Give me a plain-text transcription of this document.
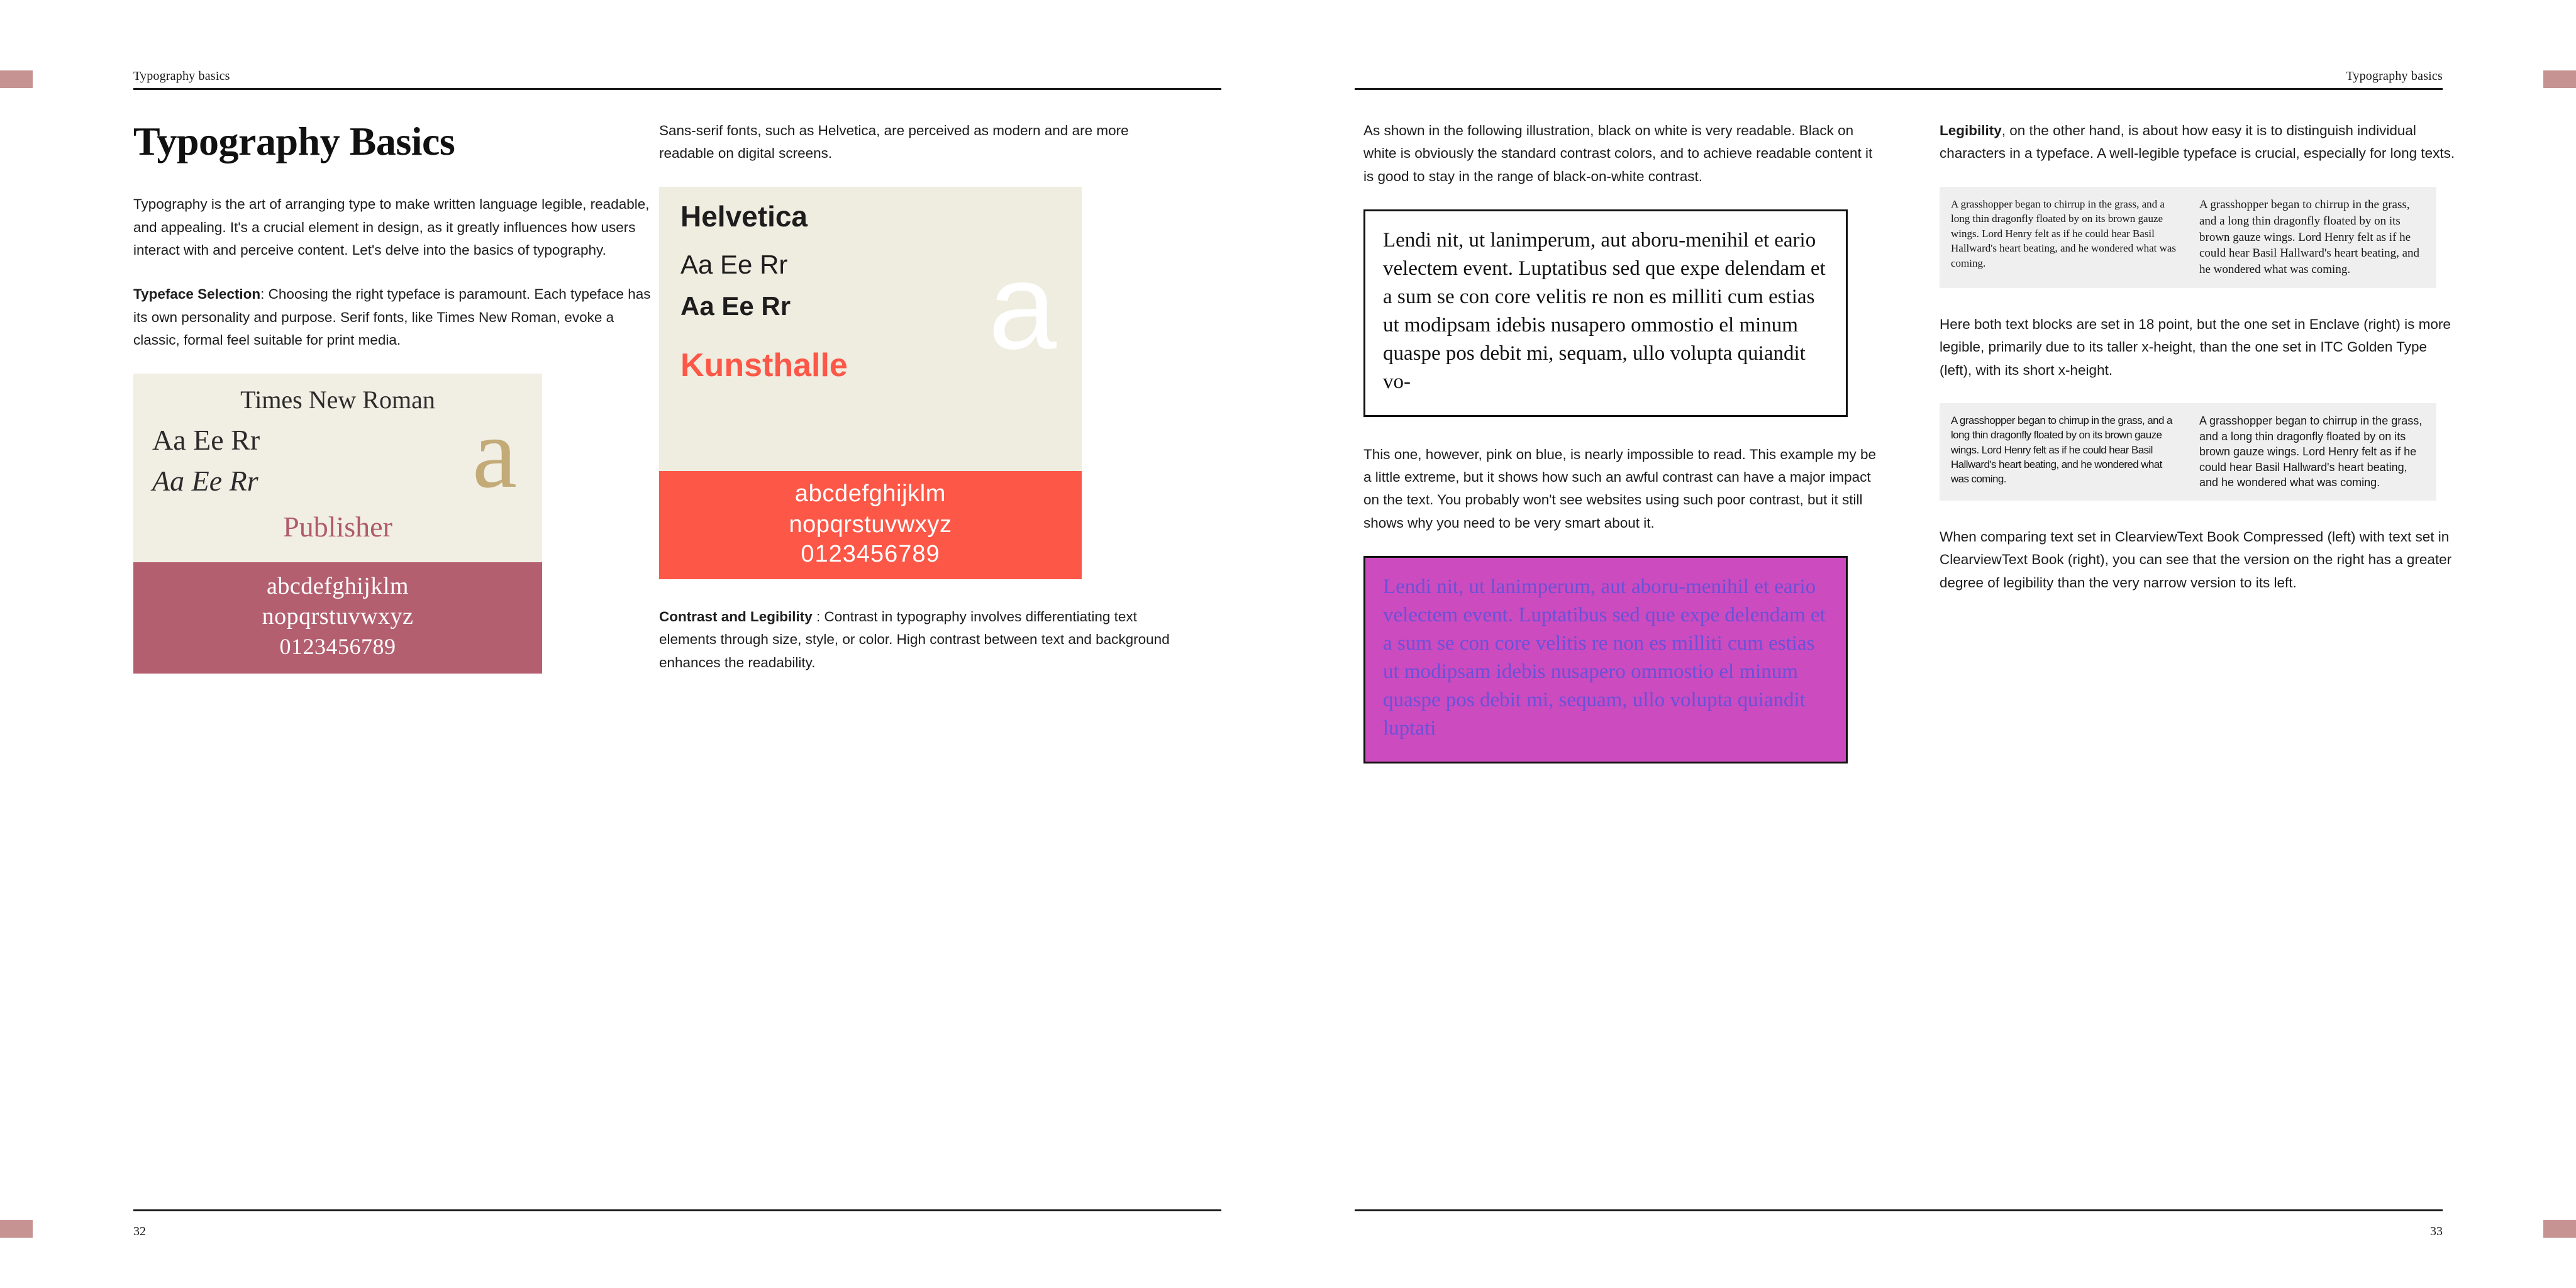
Typography basics	Typography basics
32	33
Typography Basics

Typography is the art of arranging type to make written language legible, readable, and appealing. It's a crucial element in design, as it greatly influences how users interact with and perceive content. Let's delve into the basics of typography.

Typeface Selection: Choosing the right typeface is paramount. Each typeface has its own personality and purpose. Serif fonts, like Times New Roman, evoke a classic, formal feel suitable for print media.

Times New Roman a
Aa Ee Rr
Aa Ee Rr
Publisher
abcdefghijklm
nopqrstuvwxyz
0123456789

Sans-serif fonts, such as Helvetica, are perceived as modern and are more readable on digital screens.

Helvetica
a
Aa Ee Rr
Aa Ee Rr
Kunsthalle
abcdefghijklm
nopqrstuvwxyz
0123456789

Contrast and Legibility : Contrast in typography involves differentiating text elements through size, style, or color. High contrast between text and background enhances the readability.

As shown in the following illustration, black on white is very readable. Black on white is obviously the standard contrast colors, and to achieve readable content it is good to stay in the range of black-on-white contrast.

Lendi nit, ut lanimperum, aut aboru-menihil et eario velectem event. Luptatibus sed que expe delendam et a sum se con core velitis re non es milliti cum estias ut modipsam idebis nusapero ommostio el minum quaspe pos debit mi, sequam, ullo volupta quiandit vo-

This one, however, pink on blue, is nearly impossible to read. This example my be a little extreme, but it shows how such an awful contrast can have a major impact on the text. You probably won't see websites using such poor contrast, but it still shows why you need to be very smart about it.

Lendi nit, ut lanimperum, aut aboru-menihil et eario velectem event. Luptatibus sed que expe delendam et a sum se con core velitis re non es milliti cum estias ut modipsam idebis nusapero ommostio el minum quaspe pos debit mi, sequam, ullo volupta quiandit luptati

Legibility, on the other hand, is about how easy it is to distinguish individual characters in a typeface. A well-legible typeface is crucial, especially for long texts.

A grasshopper began to chirrup in the grass, and a long thin dragonfly floated by on its brown gauze wings. Lord Henry felt as if he could hear Basil Hallward's heart beating, and he wondered what was coming.
A grasshopper began to chirrup in the grass, and a long thin dragonfly floated by on its brown gauze wings. Lord Henry felt as if he could hear Basil Hallward's heart beating, and he wondered what was coming.

Here both text blocks are set in 18 point, but the one set in Enclave (right) is more legible, primarily due to its taller x-height, than the one set in ITC Golden Type (left), with its short x-height.

A grasshopper began to chirrup in the grass, and a long thin dragonfly floated by on its brown gauze wings. Lord Henry felt as if he could hear Basil Hallward's heart beating, and he wondered what was coming.
A grasshopper began to chirrup in the grass, and a long thin dragonfly floated by on its brown gauze wings. Lord Henry felt as if he could hear Basil Hallward's heart beating, and he wondered what was coming.

When comparing text set in ClearviewText Book Compressed (left) with text set in ClearviewText Book (right), you can see that the version on the right has a greater degree of legibility than the very narrow version to its left.
